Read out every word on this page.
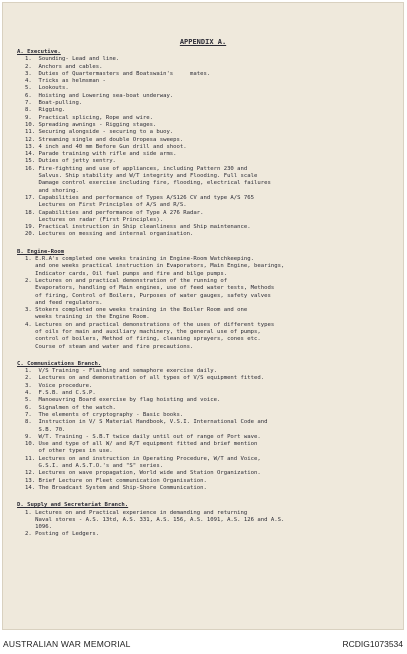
APPENDIX A.
A. Executive.
1.  Sounding- Lead and line.
2.  Anchors and cables.
3.  Duties of Quartermasters and Boatswain's     mates.
4.  Tricks as helmsman -
5.  Lookouts.
6.  Hoisting and Lowering sea-boat underway.
7.  Boat-pulling.
8.  Rigging.
9.  Practical splicing, Rope and wire.
10. Spreading awnings - Rigging stages.
11. Securing alongside - securing to a buoy.
12. Streaming single and double Oropesa sweeps.
13. 4 inch and 40 mm Before Gun drill and shoot.
14. Parade training with rifle and side arms.
15. Duties of jetty sentry.
16. Fire-fighting and use of appliances, including Pattern 230 and
Salvus. Ship stability and W/T integrity and Flooding. Full scale
Damage control exercise including fire, flooding, electrical failures
and shoring.
17. Capabilities and performance of Types A/S126 CV and type A/S 765
Lectures on First Principles of A/S and R/S.
18. Capabilities and performance of Type A 276 Radar.
Lectures on radar (First Principles).
19. Practical instruction in Ship cleanliness and Ship maintenance.
20. Lectures on messing and internal organisation.
B. Engine-Room
1. E.R.A's completed one weeks training in Engine-Room Watchkeeping.
and one weeks practical instruction in Evaporators, Main Engine, bearings,
Indicator cards, Oil fuel pumps and fire and bilge pumps.
2. Lectures on and practical demonstration of the running of
Evaporators, handling of Main engines, use of feed water tests, Methods
of firing, Control of Boilers, Purposes of water gauges, safety valves
and feed regulators.
3. Stokers completed one weeks training in the Boiler Room and one
weeks training in the Engine Room.
4. Lectures on and practical demonstrations of the uses of different types
of oils for main and auxiliary machinery, the general use of pumps,
control of boilers, Method of firing, cleaning sprayers, cones etc.
Course of steam and water and fire precautions.
C. Communications Branch.
1.  V/S Training - Flashing and semaphore exercise daily.
2.  Lectures on and demonstration of all types of V/S equipment fitted.
3.  Voice procedure.
4.  F.S.B. and C.S.P.
5.  Manoeuvring Board exercise by flag hoisting and voice.
6.  Signalmen of the watch.
7.  The elements of cryptography - Basic books.
8.  Instruction in V/ S Material Handbook, V.S.I. International Code and
S.B. 70.
9.  W/T. Training - S.B.T twice daily until out of range of Port wave.
10. Use and type of all W/ and R/T equipment fitted and brief mention
of other types in use.
11. Lectures on and instruction in Operating Procedure, W/T and Voice,
G.S.I. and A.S.T.O.'s and "S" series.
12. Lectures on wave propagation, World wide and Station Organization.
13. Brief Lecture on Fleet communication Organisation.
14. The Broadcast System and Ship-Shore Communication.
D. Supply and Secretariat Branch.
1. Lectures on and Practical experience in demanding and returning
Naval stores - A.S. 13td, A.S. 331, A.S. 156, A.S. 1091, A.S. 126 and A.S.
1096.
2. Posting of Ledgers.
AUSTRALIAN WAR MEMORIAL	RCDIG1073534
